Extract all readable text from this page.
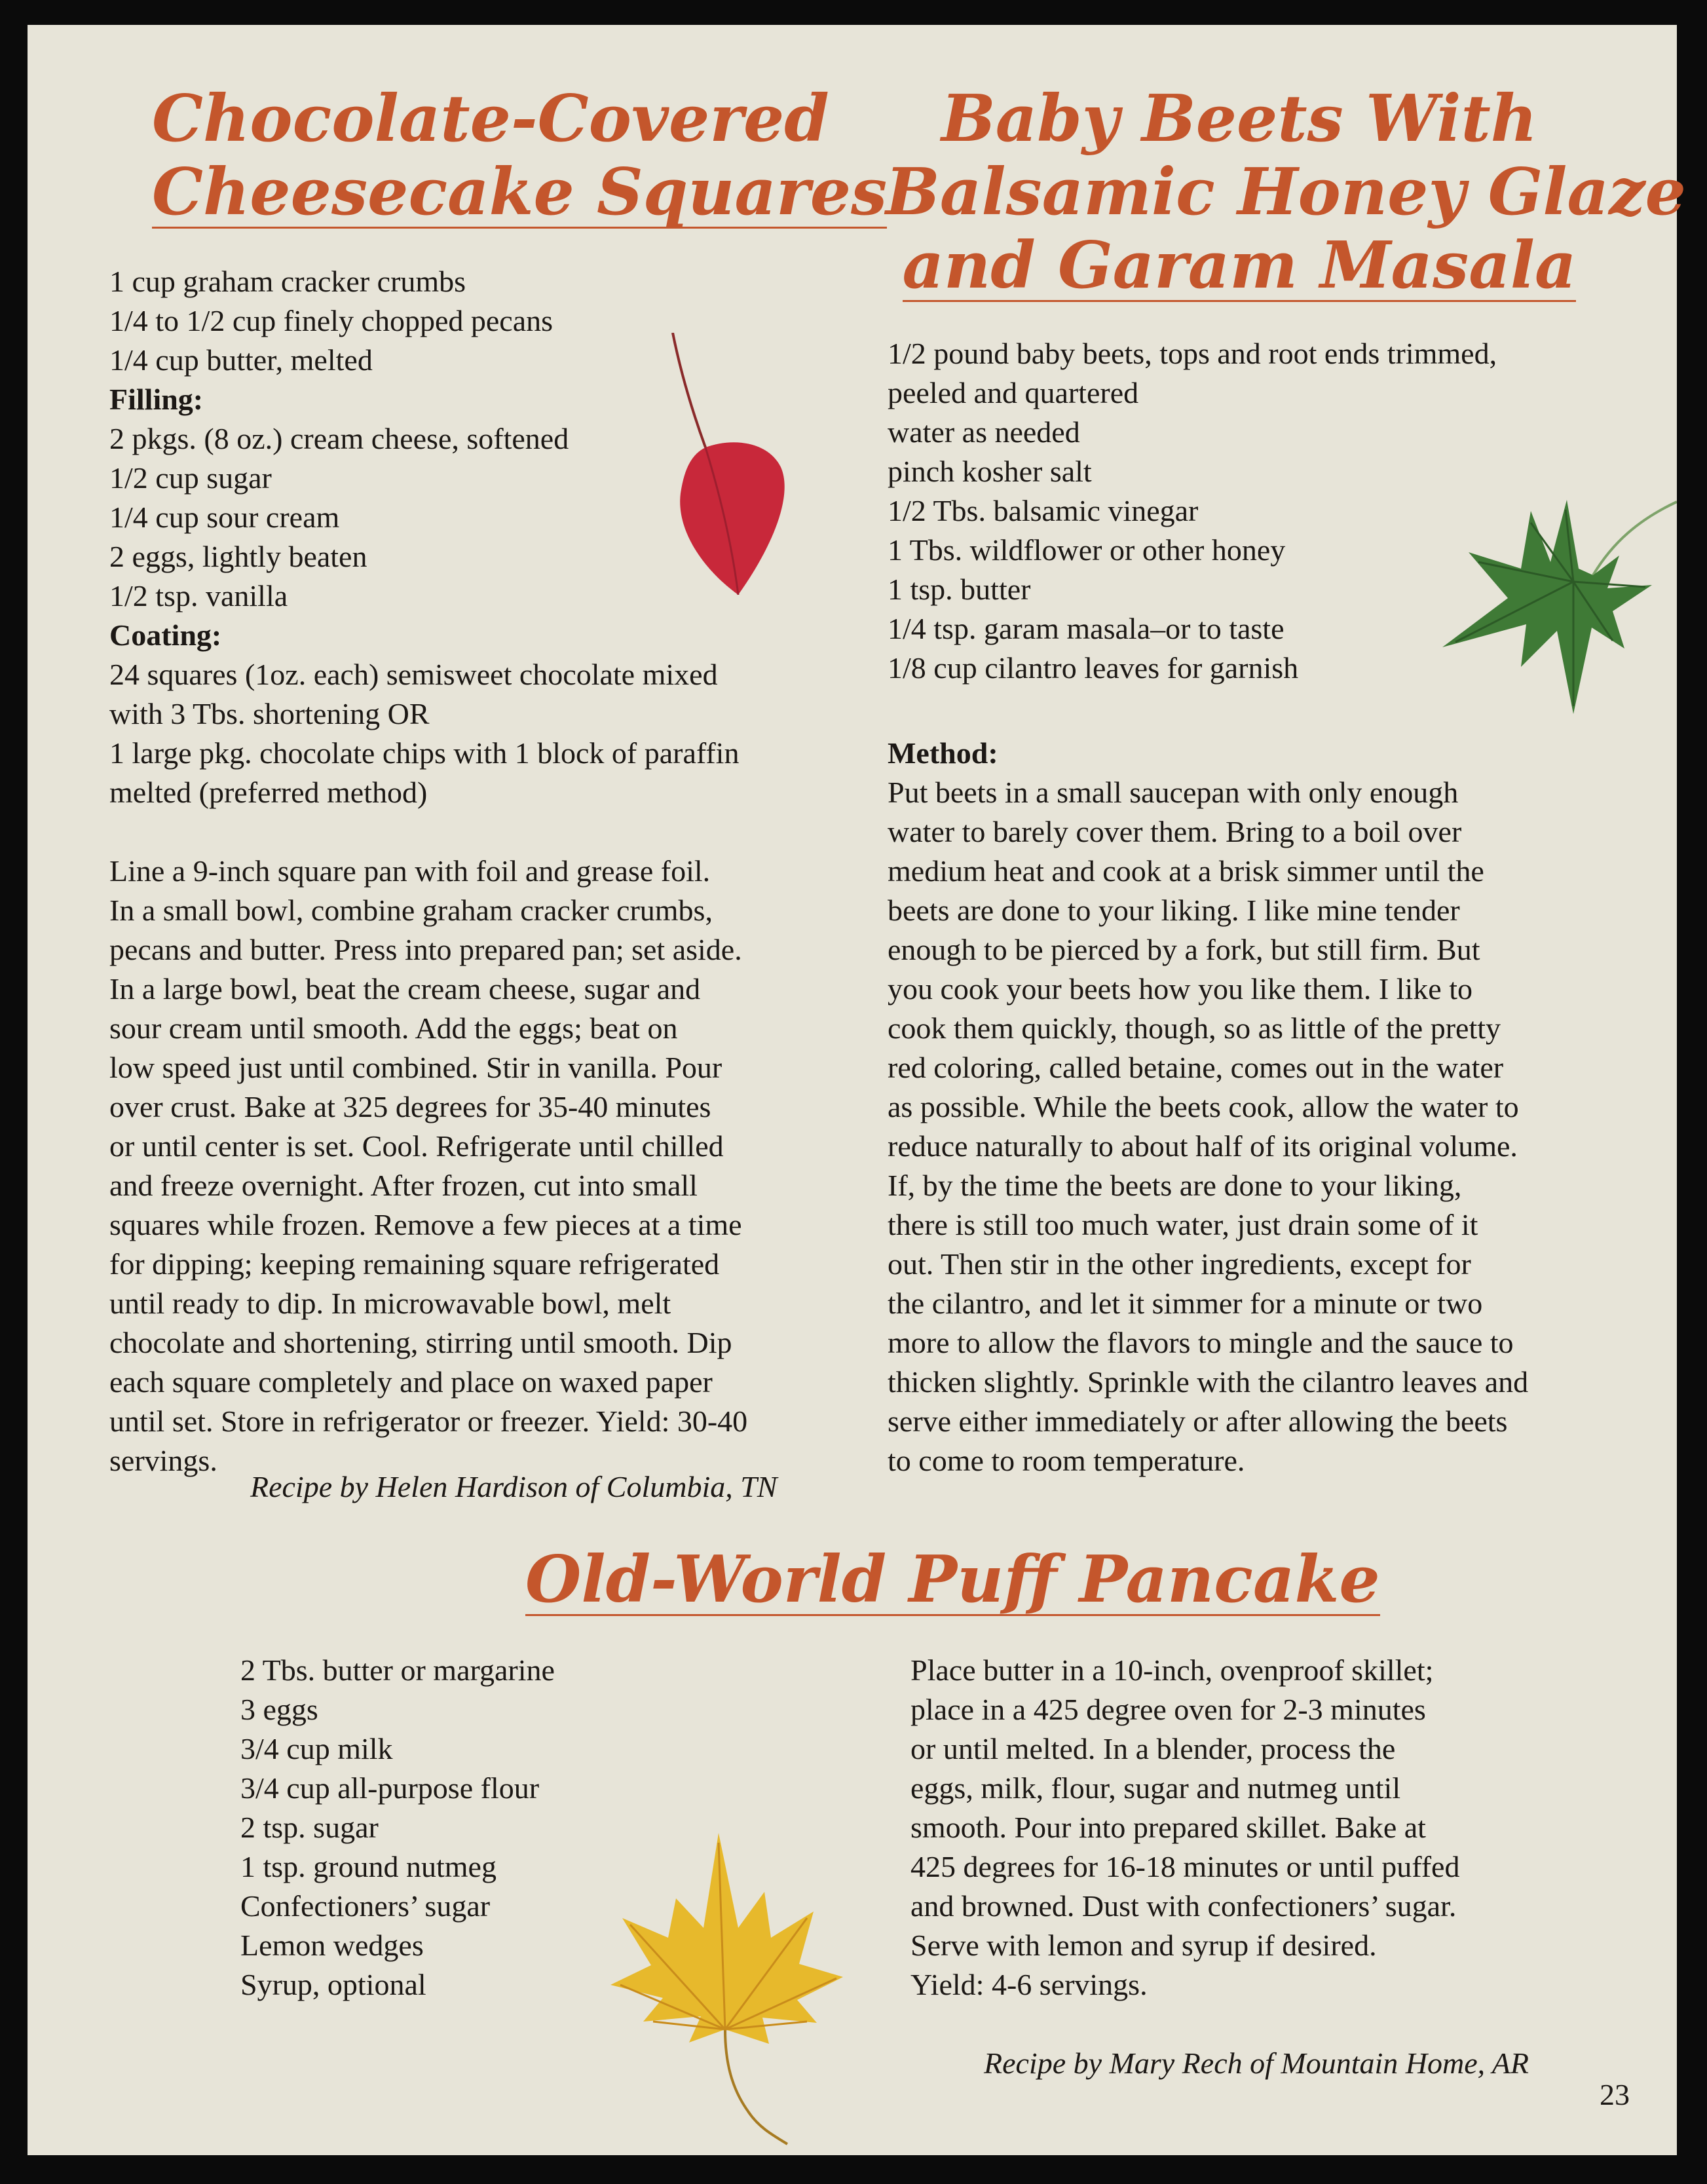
Chocolate-Covered
Cheesecake Squares
1 cup graham cracker crumbs
1/4 to 1/2 cup finely chopped pecans
1/4 cup butter, melted
Filling:
2 pkgs. (8 oz.) cream cheese, softened
1/2 cup sugar
1/4 cup sour cream
2 eggs, lightly beaten
1/2 tsp. vanilla
Coating:
24 squares (1oz. each) semisweet chocolate mixed
with 3 Tbs. shortening OR
1 large pkg. chocolate chips with 1 block of paraffin
melted (preferred method)
Line a 9-inch square pan with foil and grease foil.
In a small bowl, combine graham cracker crumbs,
pecans and butter. Press into prepared pan; set aside.
In a large bowl, beat the cream cheese, sugar and
sour cream until smooth. Add the eggs; beat on
low speed just until combined. Stir in vanilla. Pour
over crust. Bake at 325 degrees for 35-40 minutes
or until center is set. Cool. Refrigerate until chilled
and freeze overnight. After frozen, cut into small
squares while frozen. Remove a few pieces at a time
for dipping; keeping remaining square refrigerated
until ready to dip. In microwavable bowl, melt
chocolate and shortening, stirring until smooth. Dip
each square completely and place on waxed paper
until set. Store in refrigerator or freezer. Yield: 30-40
servings.
Recipe by Helen Hardison of Columbia, TN
Baby Beets With
Balsamic Honey Glaze
and Garam Masala
1/2 pound baby beets, tops and root ends trimmed,
peeled and quartered
water as needed
pinch kosher salt
1/2 Tbs. balsamic vinegar
1 Tbs. wildflower or other honey
1 tsp. butter
1/4 tsp. garam masala–or to taste
1/8 cup cilantro leaves for garnish
Method:
Put beets in a small saucepan with only enough
water to barely cover them. Bring to a boil over
medium heat and cook at a brisk simmer until the
beets are done to your liking. I like mine tender
enough to be pierced by a fork, but still firm. But
you cook your beets how you like them. I like to
cook them quickly, though, so as little of the pretty
red coloring, called betaine, comes out in the water
as possible. While the beets cook, allow the water to
reduce naturally to about half of its original volume.
If, by the time the beets are done to your liking,
there is still too much water, just drain some of it
out. Then stir in the other ingredients, except for
the cilantro, and let it simmer for a minute or two
more to allow the flavors to mingle and the sauce to
thicken slightly. Sprinkle with the cilantro leaves and
serve either immediately or after allowing the beets
to come to room temperature.
Old-World Puff Pancake
2 Tbs. butter or margarine
3 eggs
3/4 cup milk
3/4 cup all-purpose flour
2 tsp. sugar
1 tsp. ground nutmeg
Confectioners’ sugar
Lemon wedges
Syrup, optional
Place butter in a 10-inch, ovenproof skillet;
place in a 425 degree oven for 2-3 minutes
or until melted. In a blender, process the
eggs, milk, flour, sugar and nutmeg until
smooth. Pour into prepared skillet. Bake at
425 degrees for 16-18 minutes or until puffed
and browned. Dust with confectioners’ sugar.
Serve with lemon and syrup if desired.
Yield: 4-6 servings.
Recipe by Mary Rech of Mountain Home, AR
23
